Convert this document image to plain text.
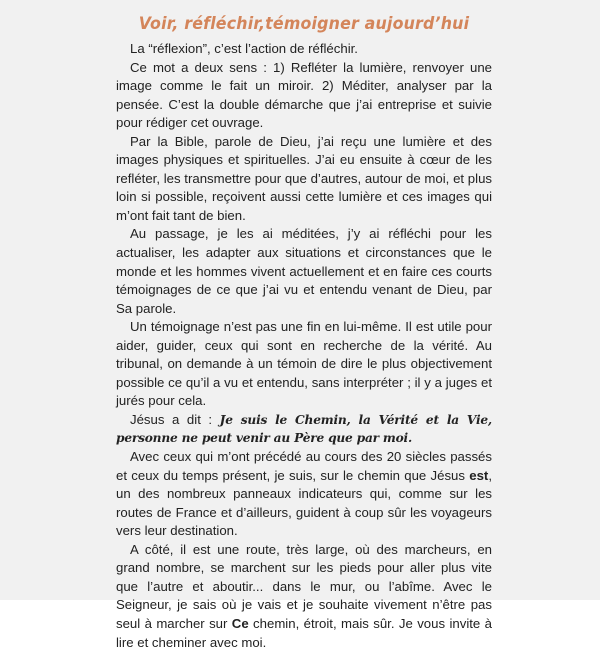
Voir, réfléchir,témoigner aujourd’hui

La “réflexion”, c’est l’action de réfléchir.

Ce mot a deux sens : 1) Refléter la lumière, renvoyer une image comme le fait un miroir. 2) Méditer, analyser par la pensée. C’est la double démarche que j’ai entreprise et suivie pour rédiger cet ouvrage.

Par la Bible, parole de Dieu, j’ai reçu une lumière et des images physiques et spirituelles. J’ai eu ensuite à cœur de les refléter, les transmettre pour que d’autres, autour de moi, et plus loin si possible, reçoivent aussi cette lumière et ces images qui m’ont fait tant de bien.

Au passage, je les ai méditées, j’y ai réfléchi pour les actualiser, les adapter aux situations et circonstances que le monde et les hommes vivent actuellement et en faire ces courts témoignages de ce que j’ai vu et entendu venant de Dieu, par Sa parole.

Un témoignage n’est pas une fin en lui-même. Il est utile pour aider, guider, ceux qui sont en recherche de la vérité. Au tribunal, on demande à un témoin de dire le plus objectivement possible ce qu’il a vu et entendu, sans interpréter ; il y a juges et jurés pour cela.

Jésus a dit : Je suis le Chemin, la Vérité et la Vie, personne ne peut venir au Père que par moi.

Avec ceux qui m’ont précédé au cours des 20 siècles passés et ceux du temps présent, je suis, sur le chemin que Jésus est, un des nombreux panneaux indicateurs qui, comme sur les routes de France et d’ailleurs, guident à coup sûr les voyageurs vers leur destination.

A côté, il est une route, très large, où des marcheurs, en grand nombre, se marchent sur les pieds pour aller plus vite que l’autre et aboutir... dans le mur, ou l’abîme. Avec le Seigneur, je sais où je vais et je souhaite vivement n’être pas seul à marcher sur Ce chemin, étroit, mais sûr. Je vous invite à lire et cheminer avec moi.
